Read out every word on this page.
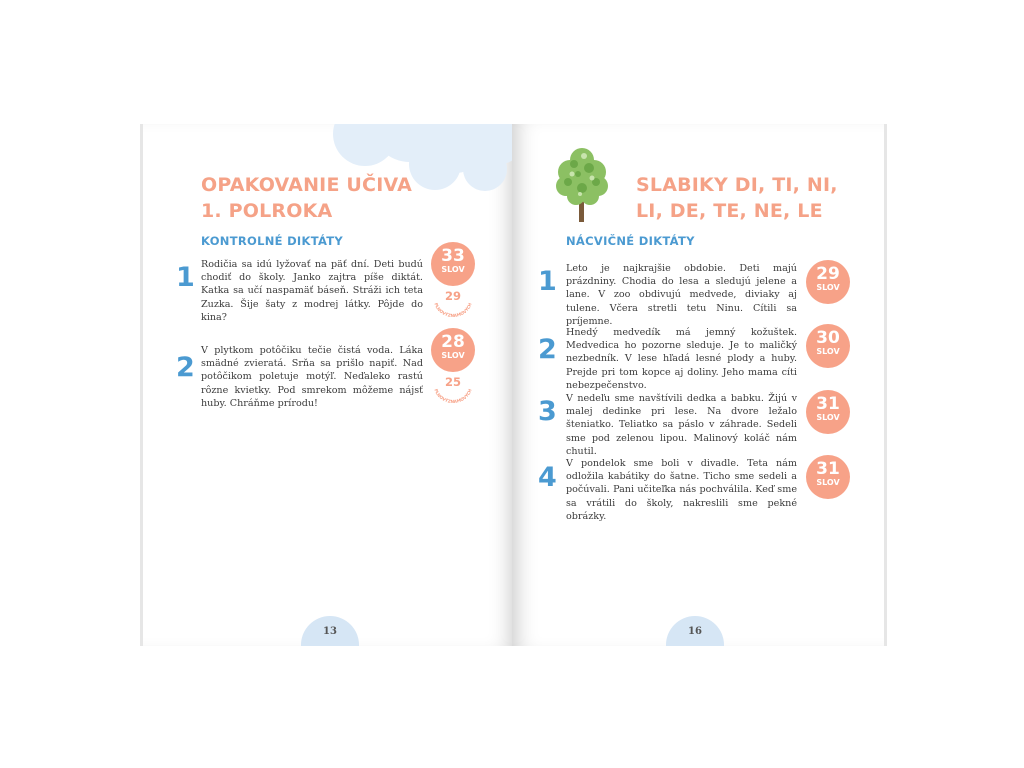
OPAKOVANIE UČIVA
1. POLROKA
KONTROLNÉ DIKTÁTY
1 Rodičia sa idú lyžovať na päť dní. Deti budú chodiť do školy. Janko zajtra píše diktát. Katka sa učí naspamäť báseň. Stráži ich teta Zuzka. Šije šaty z modrej látky. Pôjde do kina?
33
SLOV
29
PLNOVÝZNAMOVÝCH
2
V plytkom potôčiku tečie čistá voda. Láka smädné zvieratá. Srňa sa prišlo napiť. Nad potôčikom poletuje motýľ. Neďaleko rastú rôzne kvietky. Pod smrekom môžeme nájsť huby. Chráňme prírodu!
28
SLOV
25
PLNOVÝZNAMOVÝCH
13
SLABIKY DI, TI, NI,
LI, DE, TE, NE, LE
NÁCVIČNÉ DIKTÁTY
1 Leto je najkrajšie obdobie. Deti majú prázdniny. Chodia do lesa a sledujú jelene a lane. V zoo obdivujú medvede, diviaky aj tulene. Včera stretli tetu Ninu. Cítili sa príjemne.
29
SLOV
2
Hnedý medvedík má jemný kožuštek. Medvedica ho pozorne sleduje. Je to maličký nezbedník. V lese hľadá lesné plody a huby. Prejde pri tom kopce aj doliny. Jeho mama cíti nebezpečenstvo.
30
SLOV
3 V nedeľu sme navštívili dedka a babku. Žijú v malej dedinke pri lese. Na dvore ležalo šteniatko. Teliatko sa páslo v záhrade. Sedeli sme pod zelenou lipou. Malinový koláč nám chutil.
31
SLOV
4 V pondelok sme boli v divadle. Teta nám odložila kabátiky do šatne. Ticho sme sedeli a počúvali. Pani učiteľka nás pochválila. Keď sme sa vrátili do školy, nakreslili sme pekné obrázky.
31
SLOV
16
